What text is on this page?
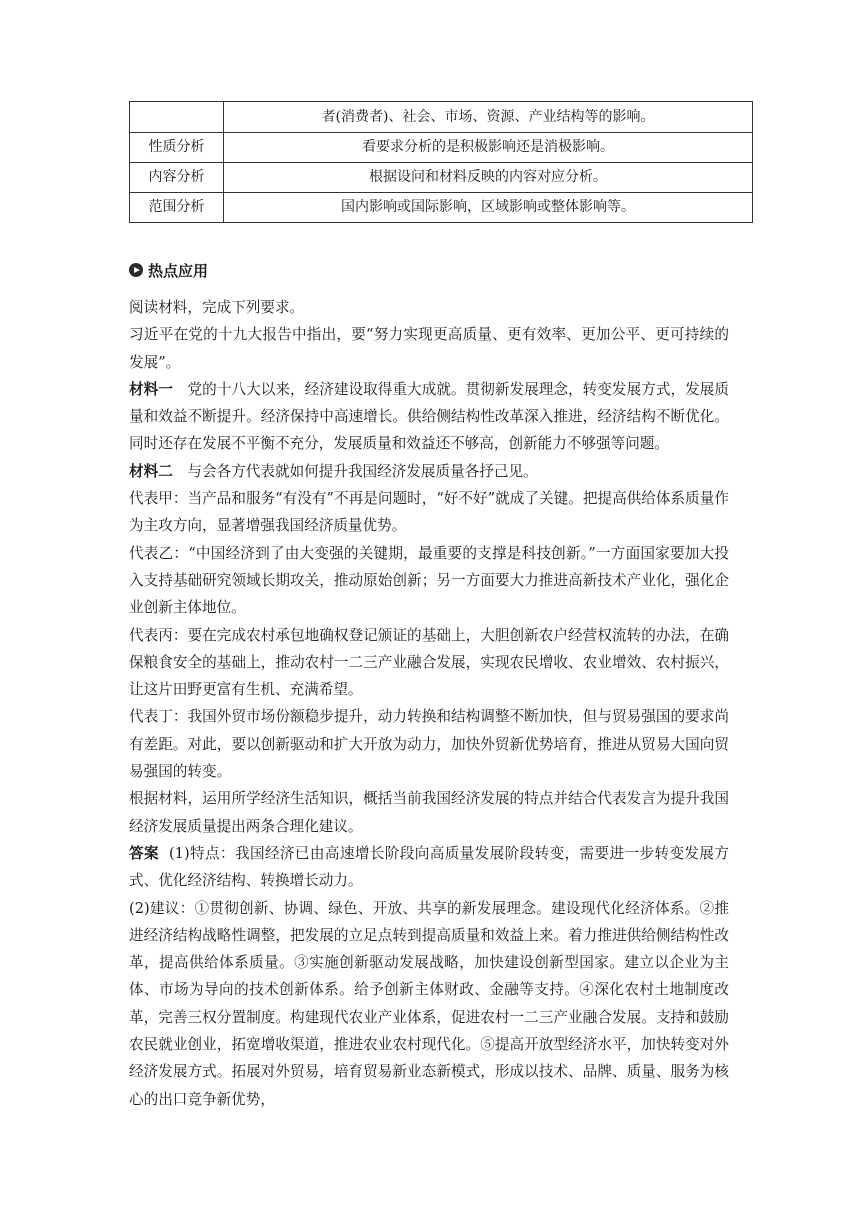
	者(消费者)、社会、市场、资源、产业结构等的影响。
性质分析	看要求分析的是积极影响还是消极影响。
内容分析	根据设问和材料反映的内容对应分析。
范围分析	国内影响或国际影响，区域影响或整体影响等。
热点应用

阅读材料，完成下列要求。

习近平在党的十九大报告中指出，要“努力实现更高质量、更有效率、更加公平、更可持续的发展”。

材料一　 党的十八大以来，经济建设取得重大成就。贯彻新发展理念，转变发展方式，发展质量和效益不断提升。经济保持中高速增长。供给侧结构性改革深入推进，经济结构不断优化。同时还存在发展不平衡不充分，发展质量和效益还不够高，创新能力不够强等问题。

材料二　 与会各方代表就如何提升我国经济发展质量各抒己见。

代表甲：当产品和服务“有没有”不再是问题时，“好不好”就成了关键。把提高供给体系质量作为主攻方向，显著增强我国经济质量优势。

代表乙：“中国经济到了由大变强的关键期，最重要的支撑是科技创新。”一方面国家要加大投入支持基础研究领域长期攻关，推动原始创新；另一方面要大力推进高新技术产业化，强化企业创新主体地位。

代表丙：要在完成农村承包地确权登记颁证的基础上，大胆创新农户经营权流转的办法，在确保粮食安全的基础上，推动农村一二三产业融合发展，实现农民增收、农业增效、农村振兴，让这片田野更富有生机、充满希望。

代表丁：我国外贸市场份额稳步提升，动力转换和结构调整不断加快，但与贸易强国的要求尚有差距。对此，要以创新驱动和扩大开放为动力，加快外贸新优势培育，推进从贸易大国向贸易强国的转变。

根据材料，运用所学经济生活知识，概括当前我国经济发展的特点并结合代表发言为提升我国经济发展质量提出两条合理化建议。

答案 (1)特点：我国经济已由高速增长阶段向高质量发展阶段转变，需要进一步转变发展方式、优化经济结构、转换增长动力。

(2)建议：①贯彻创新、协调、绿色、开放、共享的新发展理念。建设现代化经济体系。②推进经济结构战略性调整，把发展的立足点转到提高质量和效益上来。着力推进供给侧结构性改革，提高供给体系质量。③实施创新驱动发展战略，加快建设创新型国家。建立以企业为主体、市场为导向的技术创新体系。给予创新主体财政、金融等支持。④深化农村土地制度改革，完善三权分置制度。构建现代农业产业体系，促进农村一二三产业融合发展。支持和鼓励农民就业创业，拓宽增收渠道，推进农业农村现代化。⑤提高开放型经济水平，加快转变对外经济发展方式。拓展对外贸易，培育贸易新业态新模式，形成以技术、品牌、质量、服务为核心的出口竞争新优势，
